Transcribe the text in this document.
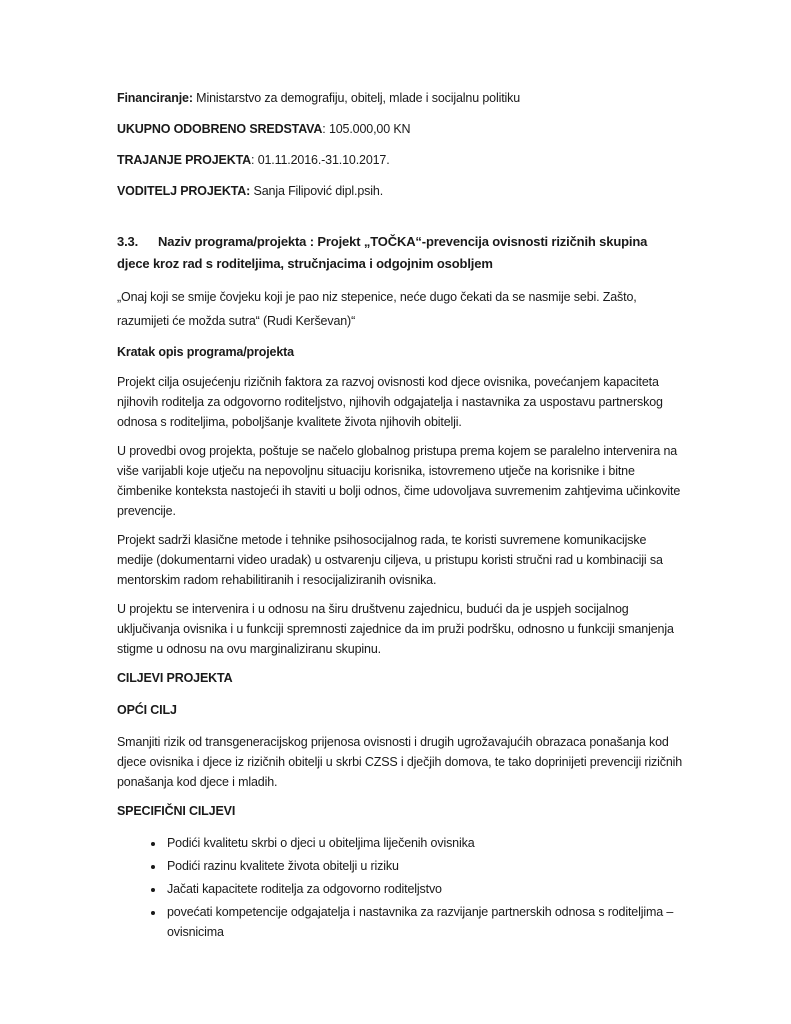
Financiranje: Ministarstvo za demografiju, obitelj, mlade i socijalnu politiku

UKUPNO ODOBRENO SREDSTAVA: 105.000,00 KN

TRAJANJE PROJEKTA: 01.11.2016.-31.10.2017.

VODITELJ PROJEKTA: Sanja Filipović dipl.psih.

3.3. Naziv programa/projekta : Projekt „TOČKA“-prevencija ovisnosti rizičnih skupina djece kroz rad s roditeljima, stručnjacima i odgojnim osobljem

„Onaj koji se smije čovjeku koji je pao niz stepenice, neće dugo čekati da se nasmije sebi. Zašto, razumijeti će možda sutra“ (Rudi Kerševan)“

Kratak opis programa/projekta

Projekt cilja osujećenju rizičnih faktora za razvoj ovisnosti kod djece ovisnika, povećanjem kapaciteta njihovih roditelja za odgovorno roditeljstvo, njihovih odgajatelja i nastavnika za uspostavu partnerskog odnosa s roditeljima, poboljšanje kvalitete života njihovih obitelji.

U provedbi ovog projekta, poštuje se načelo globalnog pristupa prema kojem se paralelno intervenira na više varijabli koje utječu na nepovoljnu situaciju korisnika, istovremeno utječe na korisnike i bitne čimbenike konteksta nastojeći ih staviti u bolji odnos, čime udovoljava suvremenim zahtjevima učinkovite prevencije.

Projekt sadrži klasične metode i tehnike psihosocijalnog rada, te koristi suvremene komunikacijske medije (dokumentarni video uradak) u ostvarenju ciljeva, u pristupu koristi stručni rad u kombinaciji sa mentorskim radom rehabilitiranih i resocijaliziranih ovisnika.

U projektu se intervenira i u odnosu na širu društvenu zajednicu, budući da je uspjeh socijalnog uključivanja ovisnika i u funkciji spremnosti zajednice da im pruži podršku, odnosno u funkciji smanjenja stigme u odnosu na ovu marginaliziranu skupinu.

CILJEVI PROJEKTA

OPĆI CILJ

Smanjiti rizik od transgeneracijskog prijenosa ovisnosti i drugih ugrožavajućih obrazaca ponašanja kod djece ovisnika i djece iz rizičnih obitelji u skrbi CZSS i dječjih domova, te tako doprinijeti prevenciji rizičnih ponašanja kod djece i mladih.

SPECIFIČNI CILJEVI

• Podići kvalitetu skrbi o djeci u obiteljima liječenih ovisnika
• Podići razinu kvalitete života obitelji u riziku
• Jačati kapacitete roditelja za odgovorno roditeljstvo
• povećati kompetencije odgajatelja i nastavnika za razvijanje partnerskih odnosa s roditeljima – ovisnicima
